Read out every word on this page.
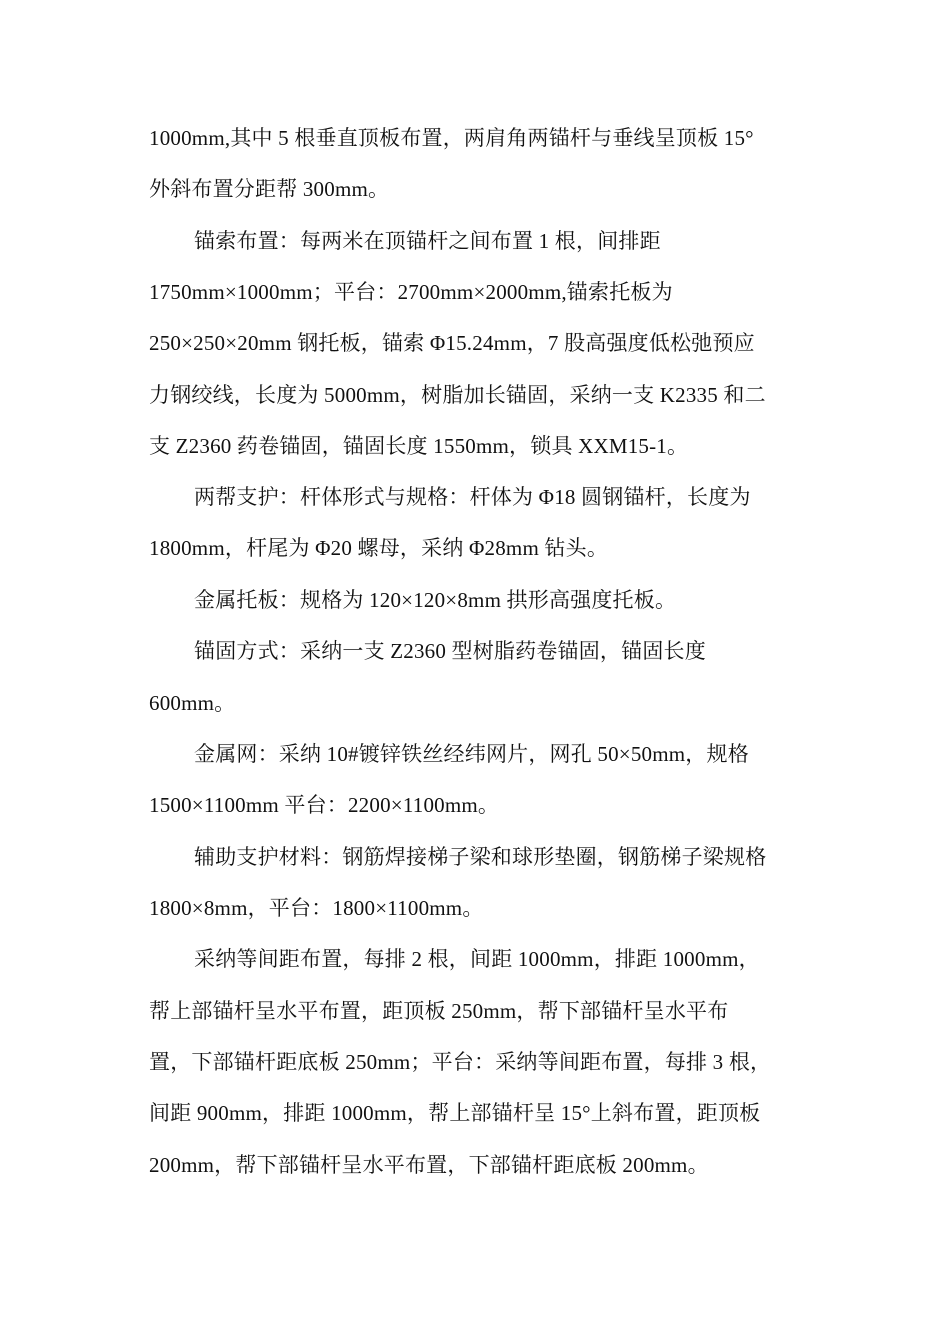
1000mm,其中 5 根垂直顶板布置，两肩角两锚杆与垂线呈顶板 15°
外斜布置分距帮 300mm。
锚索布置：每两米在顶锚杆之间布置 1 根，间排距
1750mm×1000mm；平台：2700mm×2000mm,锚索托板为
250×250×20mm 钢托板，锚索 Φ15.24mm，7 股高强度低松弛预应
力钢绞线，长度为 5000mm，树脂加长锚固，采纳一支 K2335 和二
支 Z2360 药卷锚固，锚固长度 1550mm，锁具 XXM15-1。
两帮支护：杆体形式与规格：杆体为 Φ18 圆钢锚杆，长度为
1800mm，杆尾为 Φ20 螺母，采纳 Φ28mm 钻头。
金属托板：规格为 120×120×8mm 拱形高强度托板。
锚固方式：采纳一支 Z2360 型树脂药卷锚固，锚固长度
600mm。
金属网：采纳 10#镀锌铁丝经纬网片，网孔 50×50mm，规格
1500×1100mm 平台：2200×1100mm。
辅助支护材料：钢筋焊接梯子梁和球形垫圈，钢筋梯子梁规格
1800×8mm，平台：1800×1100mm。
采纳等间距布置，每排 2 根，间距 1000mm，排距 1000mm，
帮上部锚杆呈水平布置，距顶板 250mm，帮下部锚杆呈水平布
置，下部锚杆距底板 250mm；平台：采纳等间距布置，每排 3 根，
间距 900mm，排距 1000mm，帮上部锚杆呈 15°上斜布置，距顶板
200mm，帮下部锚杆呈水平布置，下部锚杆距底板 200mm。
